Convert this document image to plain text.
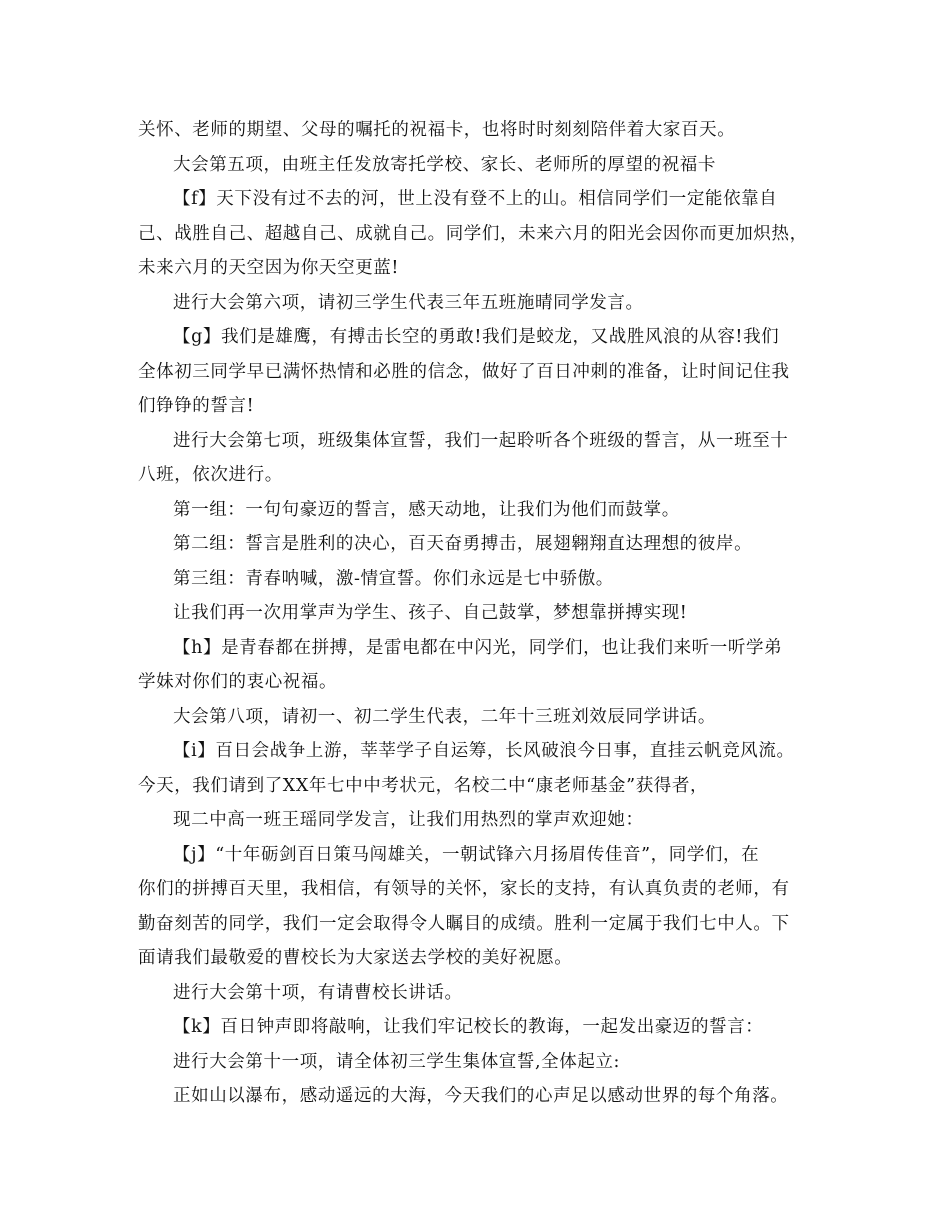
关怀、老师的期望、父母的嘱托的祝福卡，也将时时刻刻陪伴着大家百天。
大会第五项，由班主任发放寄托学校、家长、老师所的厚望的祝福卡
【f】天下没有过不去的河，世上没有登不上的山。相信同学们一定能依靠自
己、战胜自己、超越自己、成就自己。同学们，未来六月的阳光会因你而更加炽热，
未来六月的天空因为你天空更蓝!
进行大会第六项，请初三学生代表三年五班施晴同学发言。
【g】我们是雄鹰，有搏击长空的勇敢!我们是蛟龙，又战胜风浪的从容!我们
全体初三同学早已满怀热情和必胜的信念，做好了百日冲刺的准备，让时间记住我
们铮铮的誓言!
进行大会第七项，班级集体宣誓，我们一起聆听各个班级的誓言，从一班至十
八班，依次进行。
第一组：一句句豪迈的誓言，感天动地，让我们为他们而鼓掌。
第二组：誓言是胜利的决心，百天奋勇搏击，展翅翱翔直达理想的彼岸。
第三组：青春呐喊，激-情宣誓。你们永远是七中骄傲。
让我们再一次用掌声为学生、孩子、自己鼓掌，梦想靠拼搏实现!
【h】是青春都在拼搏，是雷电都在中闪光，同学们，也让我们来听一听学弟
学妹对你们的衷心祝福。
大会第八项，请初一、初二学生代表，二年十三班刘效辰同学讲话。
【i】百日会战争上游，莘莘学子自运筹，长风破浪今日事，直挂云帆竞风流。
今天，我们请到了XX年七中中考状元，名校二中“康老师基金”获得者，
现二中高一班王瑶同学发言，让我们用热烈的掌声欢迎她：
【j】“十年砺剑百日策马闯雄关，一朝试锋六月扬眉传佳音”，同学们，在
你们的拼搏百天里，我相信，有领导的关怀，家长的支持，有认真负责的老师，有
勤奋刻苦的同学，我们一定会取得令人瞩目的成绩。胜利一定属于我们七中人。下
面请我们最敬爱的曹校长为大家送去学校的美好祝愿。
进行大会第十项，有请曹校长讲话。
【k】百日钟声即将敲响，让我们牢记校长的教诲，一起发出豪迈的誓言：
进行大会第十一项，请全体初三学生集体宣誓,全体起立:
正如山以瀑布，感动遥远的大海，今天我们的心声足以感动世界的每个角落。
